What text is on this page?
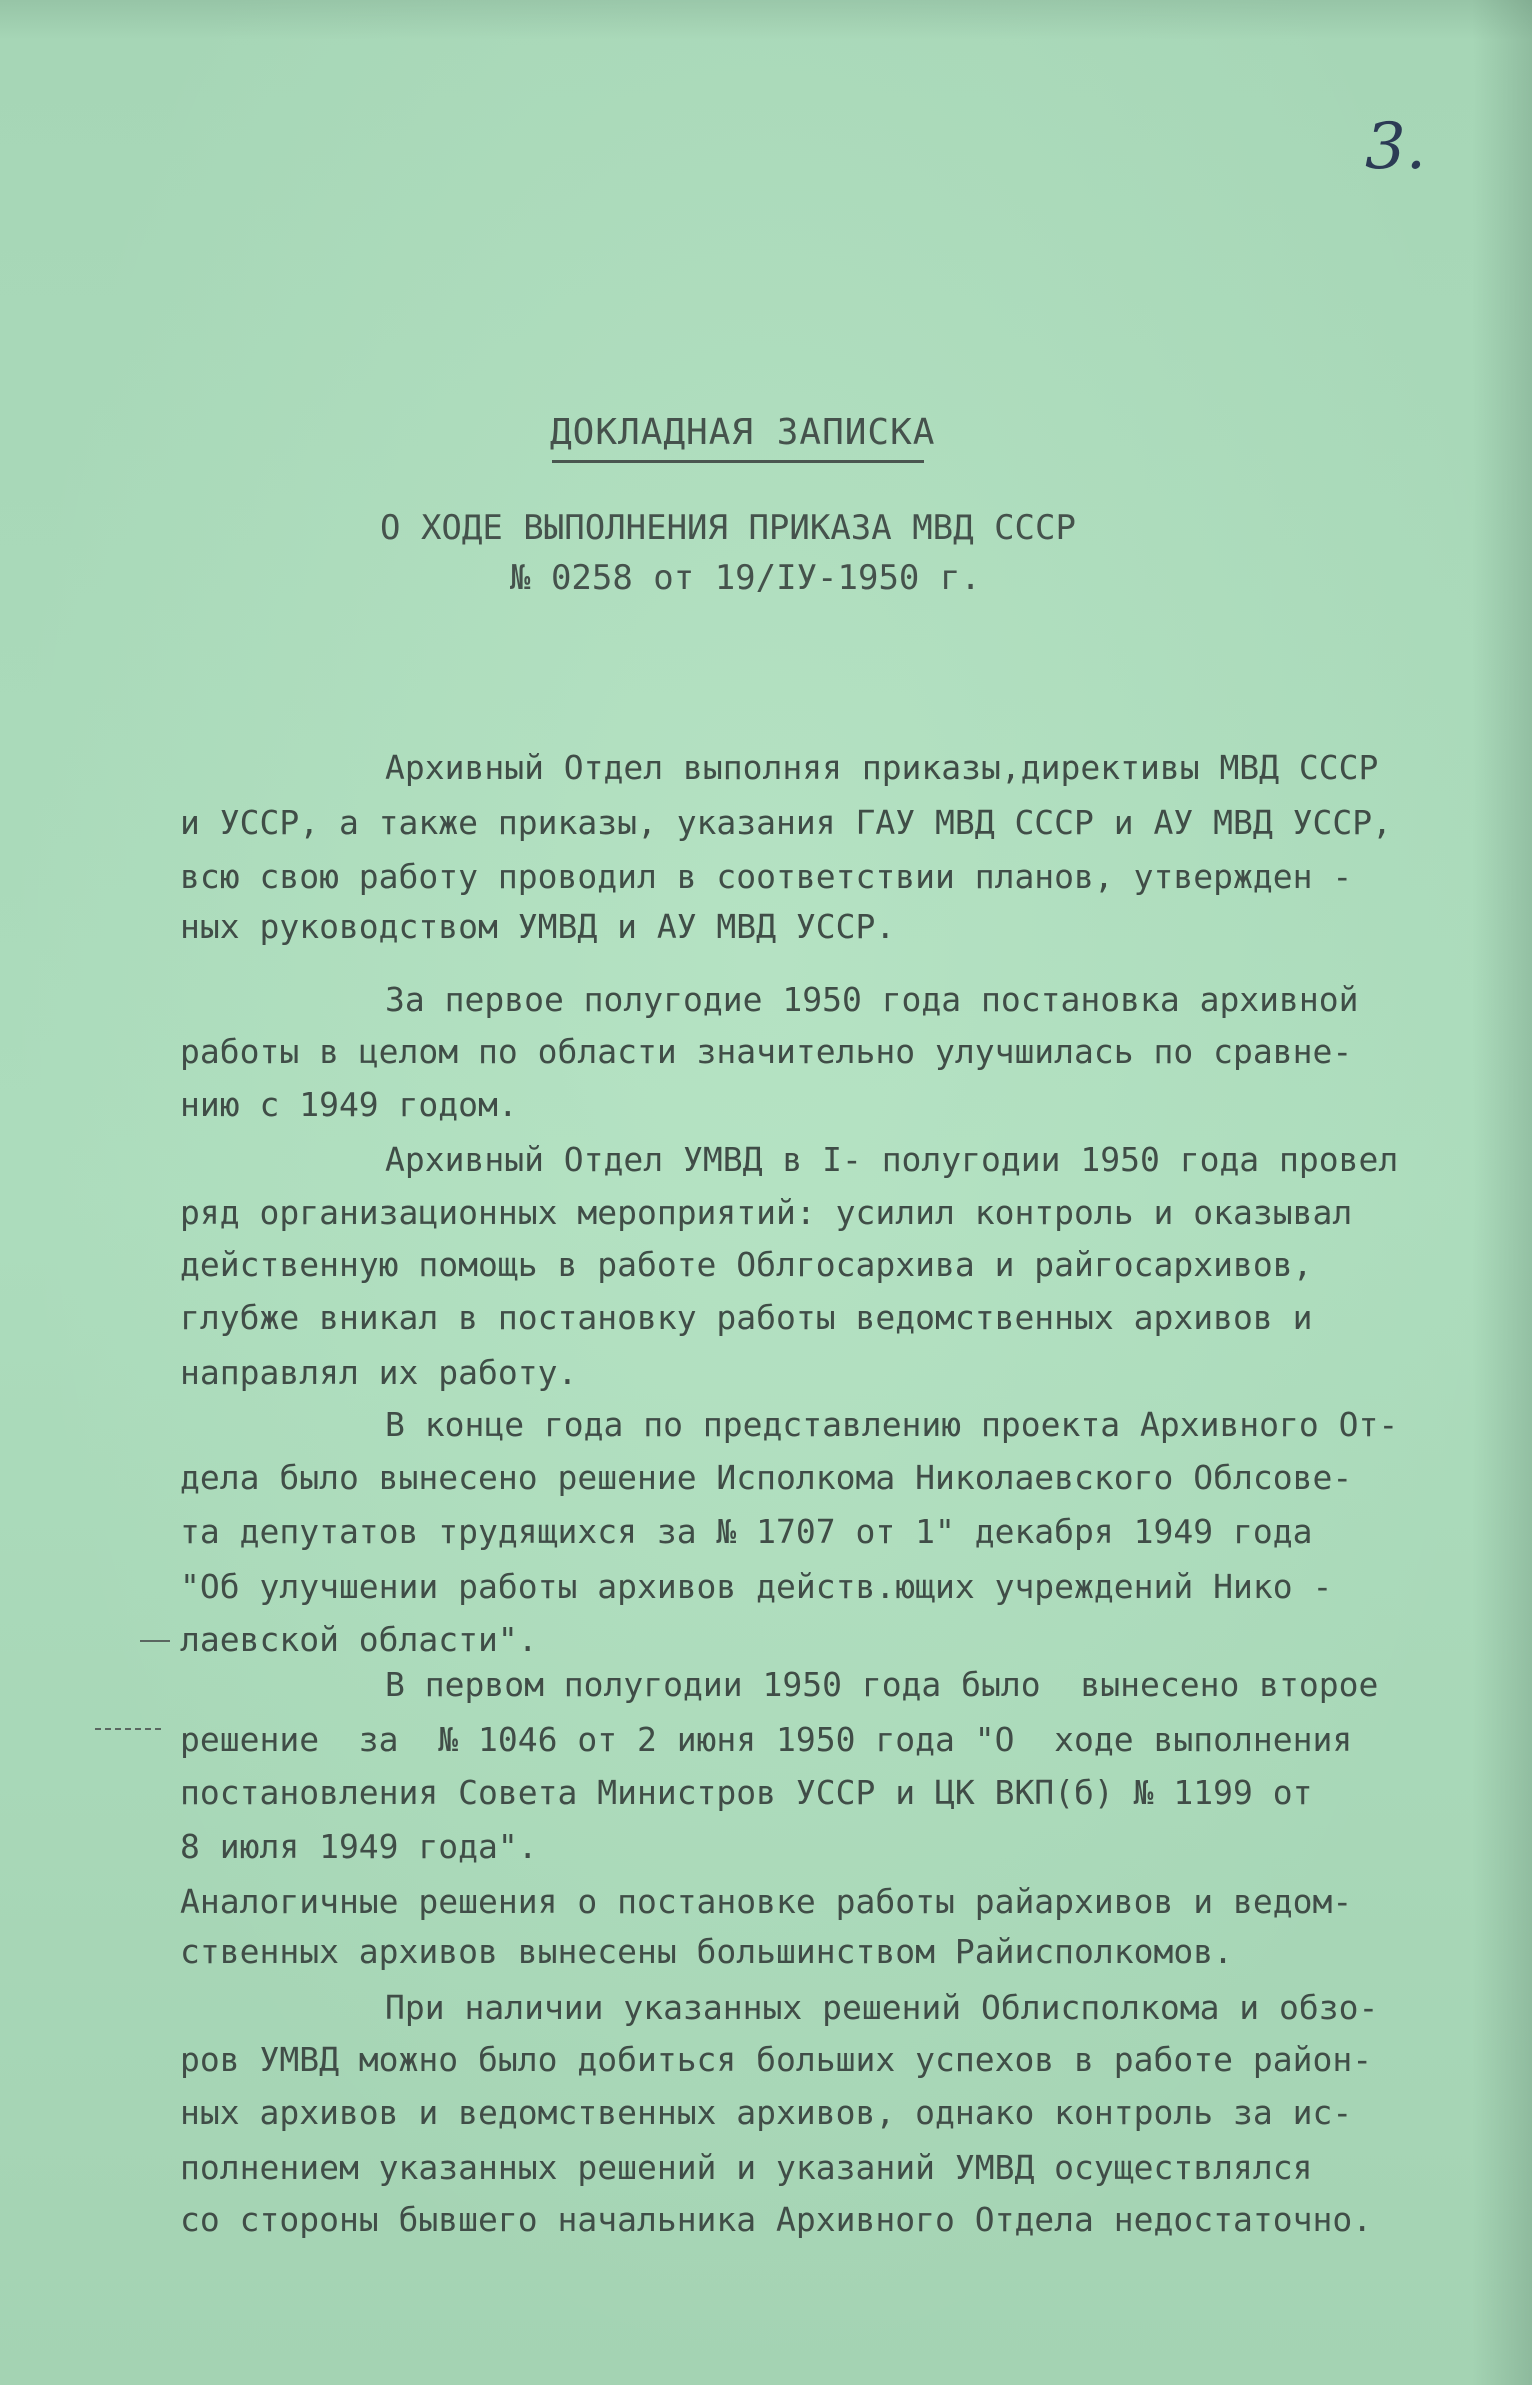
3.
ДОКЛАДНАЯ ЗАПИСКА
О ХОДЕ ВЫПОЛНЕНИЯ ПРИКАЗА МВД СССР
№ 0258 от 19/IУ-1950 г.
Архивный Отдел выполняя приказы,директивы МВД СССР
и УССР, а также приказы, указания ГАУ МВД СССР и АУ МВД УССР,
всю свою работу проводил в соответствии планов, утвержден -
ных руководством УМВД и АУ МВД УССР.
За первое полугодие 1950 года постановка архивной
работы в целом по области значительно улучшилась по сравне-
нию с 1949 годом.
Архивный Отдел УМВД в I- полугодии 1950 года провел
ряд организационных мероприятий: усилил контроль и оказывал
действенную помощь в работе Облгосархива и райгосархивов,
глубже вникал в постановку работы ведомственных архивов и
направлял их работу.
В конце года по представлению проекта Архивного От-
дела было вынесено решение Исполкома Николаевского Облсове-
та депутатов трудящихся за № 1707 от 1" декабря 1949 года
"Об улучшении работы архивов действ.ющих учреждений Нико -
лаевской области".
В первом полугодии 1950 года было  вынесено второе
решение  за  № 1046 от 2 июня 1950 года "О  ходе выполнения
постановления Совета Министров УССР и ЦК ВКП(б) № 1199 от
8 июля 1949 года".
Аналогичные решения о постановке работы райархивов и ведом-
ственных архивов вынесены большинством Райисполкомов.
При наличии указанных решений Облисполкома и обзо-
ров УМВД можно было добиться больших успехов в работе район-
ных архивов и ведомственных архивов, однако контроль за ис-
полнением указанных решений и указаний УМВД осуществлялся
со стороны бывшего начальника Архивного Отдела недостаточно.
